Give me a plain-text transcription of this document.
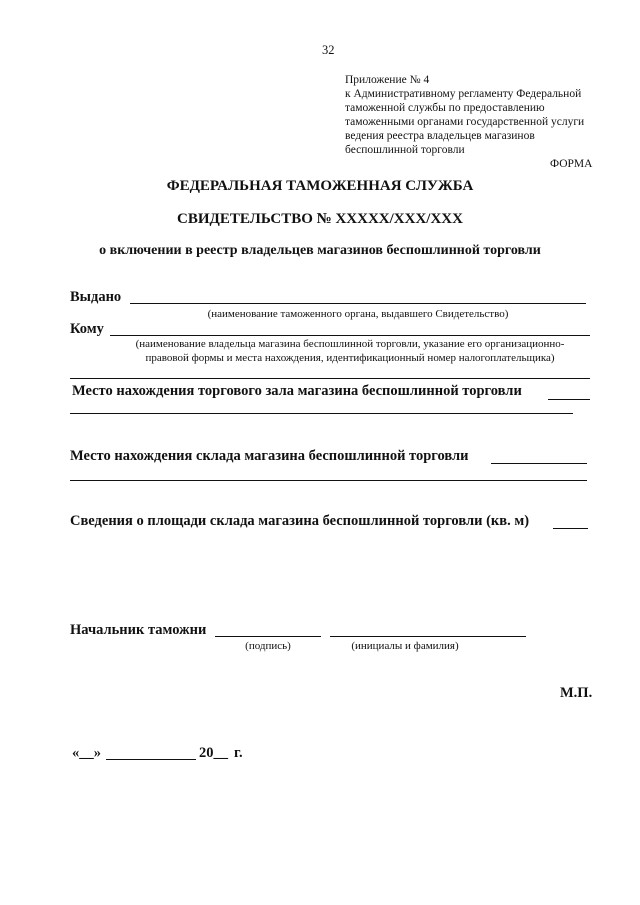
32
Приложение № 4
к Административному регламенту Федеральной
таможенной службы по предоставлению
таможенными органами государственной услуги
ведения реестра владельцев магазинов
беспошлинной торговли
ФОРМА
ФЕДЕРАЛЬНАЯ ТАМОЖЕННАЯ СЛУЖБА
СВИДЕТЕЛЬСТВО № XXXXX/XXX/XXX
о включении в реестр владельцев магазинов беспошлинной торговли
Выдано
(наименование таможенного органа, выдавшего Свидетельство)
Кому
(наименование владельца магазина беспошлинной торговли, указание его организационно-
правовой формы и места нахождения, идентификационный номер налогоплательщика)
Место нахождения торгового зала магазина беспошлинной торговли
Место нахождения склада магазина беспошлинной торговли
Сведения о площади склада магазина беспошлинной торговли (кв. м)
Начальник таможни
(подпись)	(инициалы и фамилия)
М.П.
«__»	20__ г.
